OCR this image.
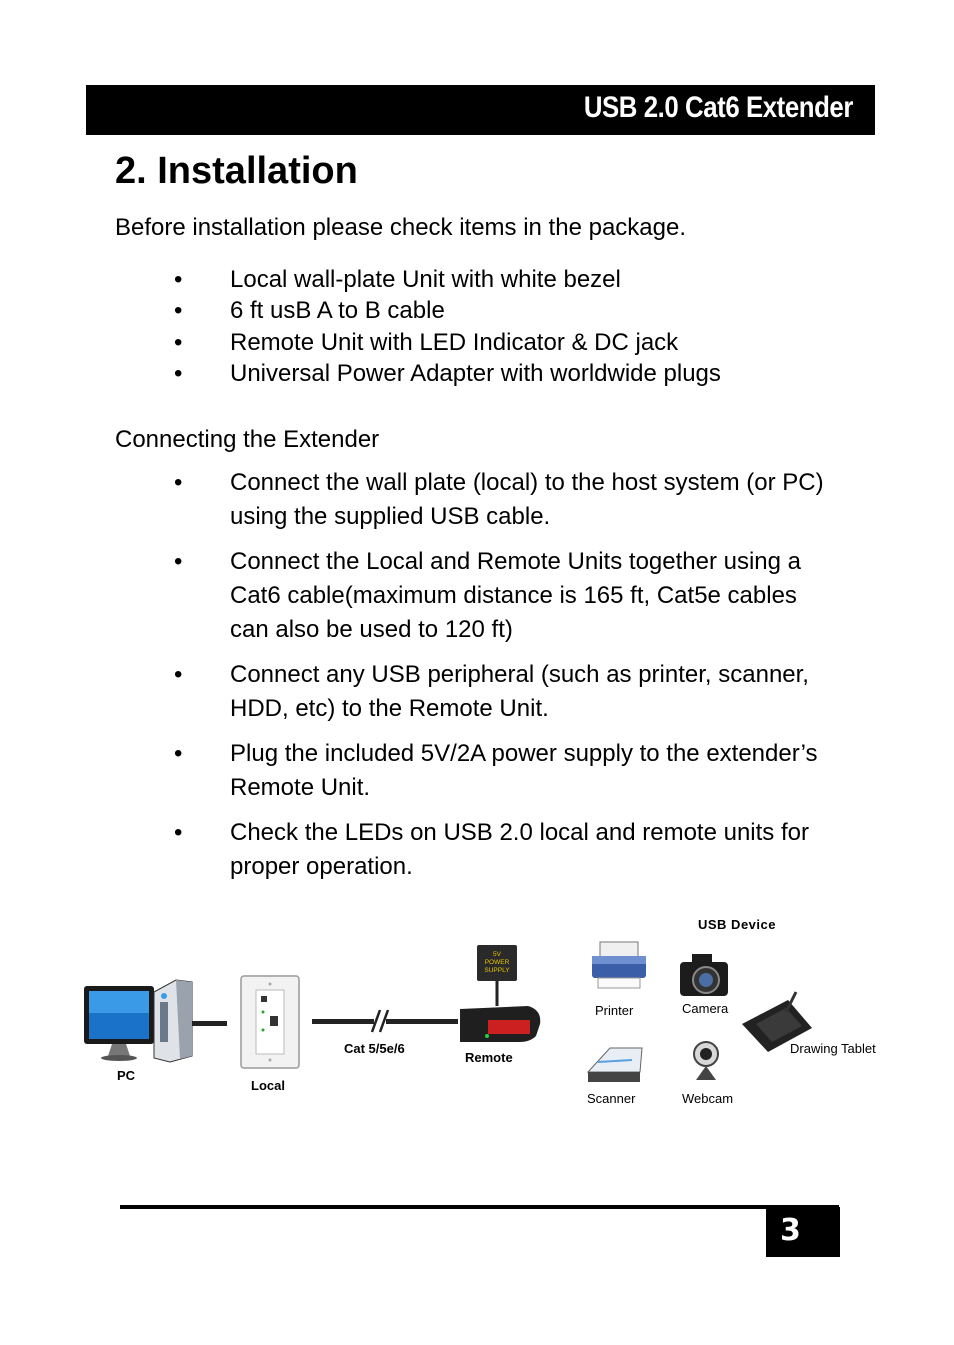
USB 2.0 Cat6 Extender
2. Installation
Before installation please check items in the package.
• Local wall-plate Unit with white bezel
• 6 ft usB A to B cable
• Remote Unit with LED Indicator & DC jack
• Universal Power Adapter with worldwide plugs
Connecting the Extender
• Connect the wall plate (local) to the host system (or PC) using the supplied USB cable.
• Connect the Local and Remote Units together using a Cat6 cable(maximum distance is 165 ft, Cat5e cables can also be used to 120 ft)
• Connect any USB peripheral (such as printer, scanner, HDD, etc) to the Remote Unit.
• Plug the included 5V/2A power supply to the extender’s Remote Unit.
• Check the LEDs on USB 2.0 local and remote units for proper operation.
5V
POWER
SUPPLY
PC
Local
Cat 5/5e/6
Remote
USB Device
Printer	Camera
Drawing Tablet
Scanner	Webcam
3
